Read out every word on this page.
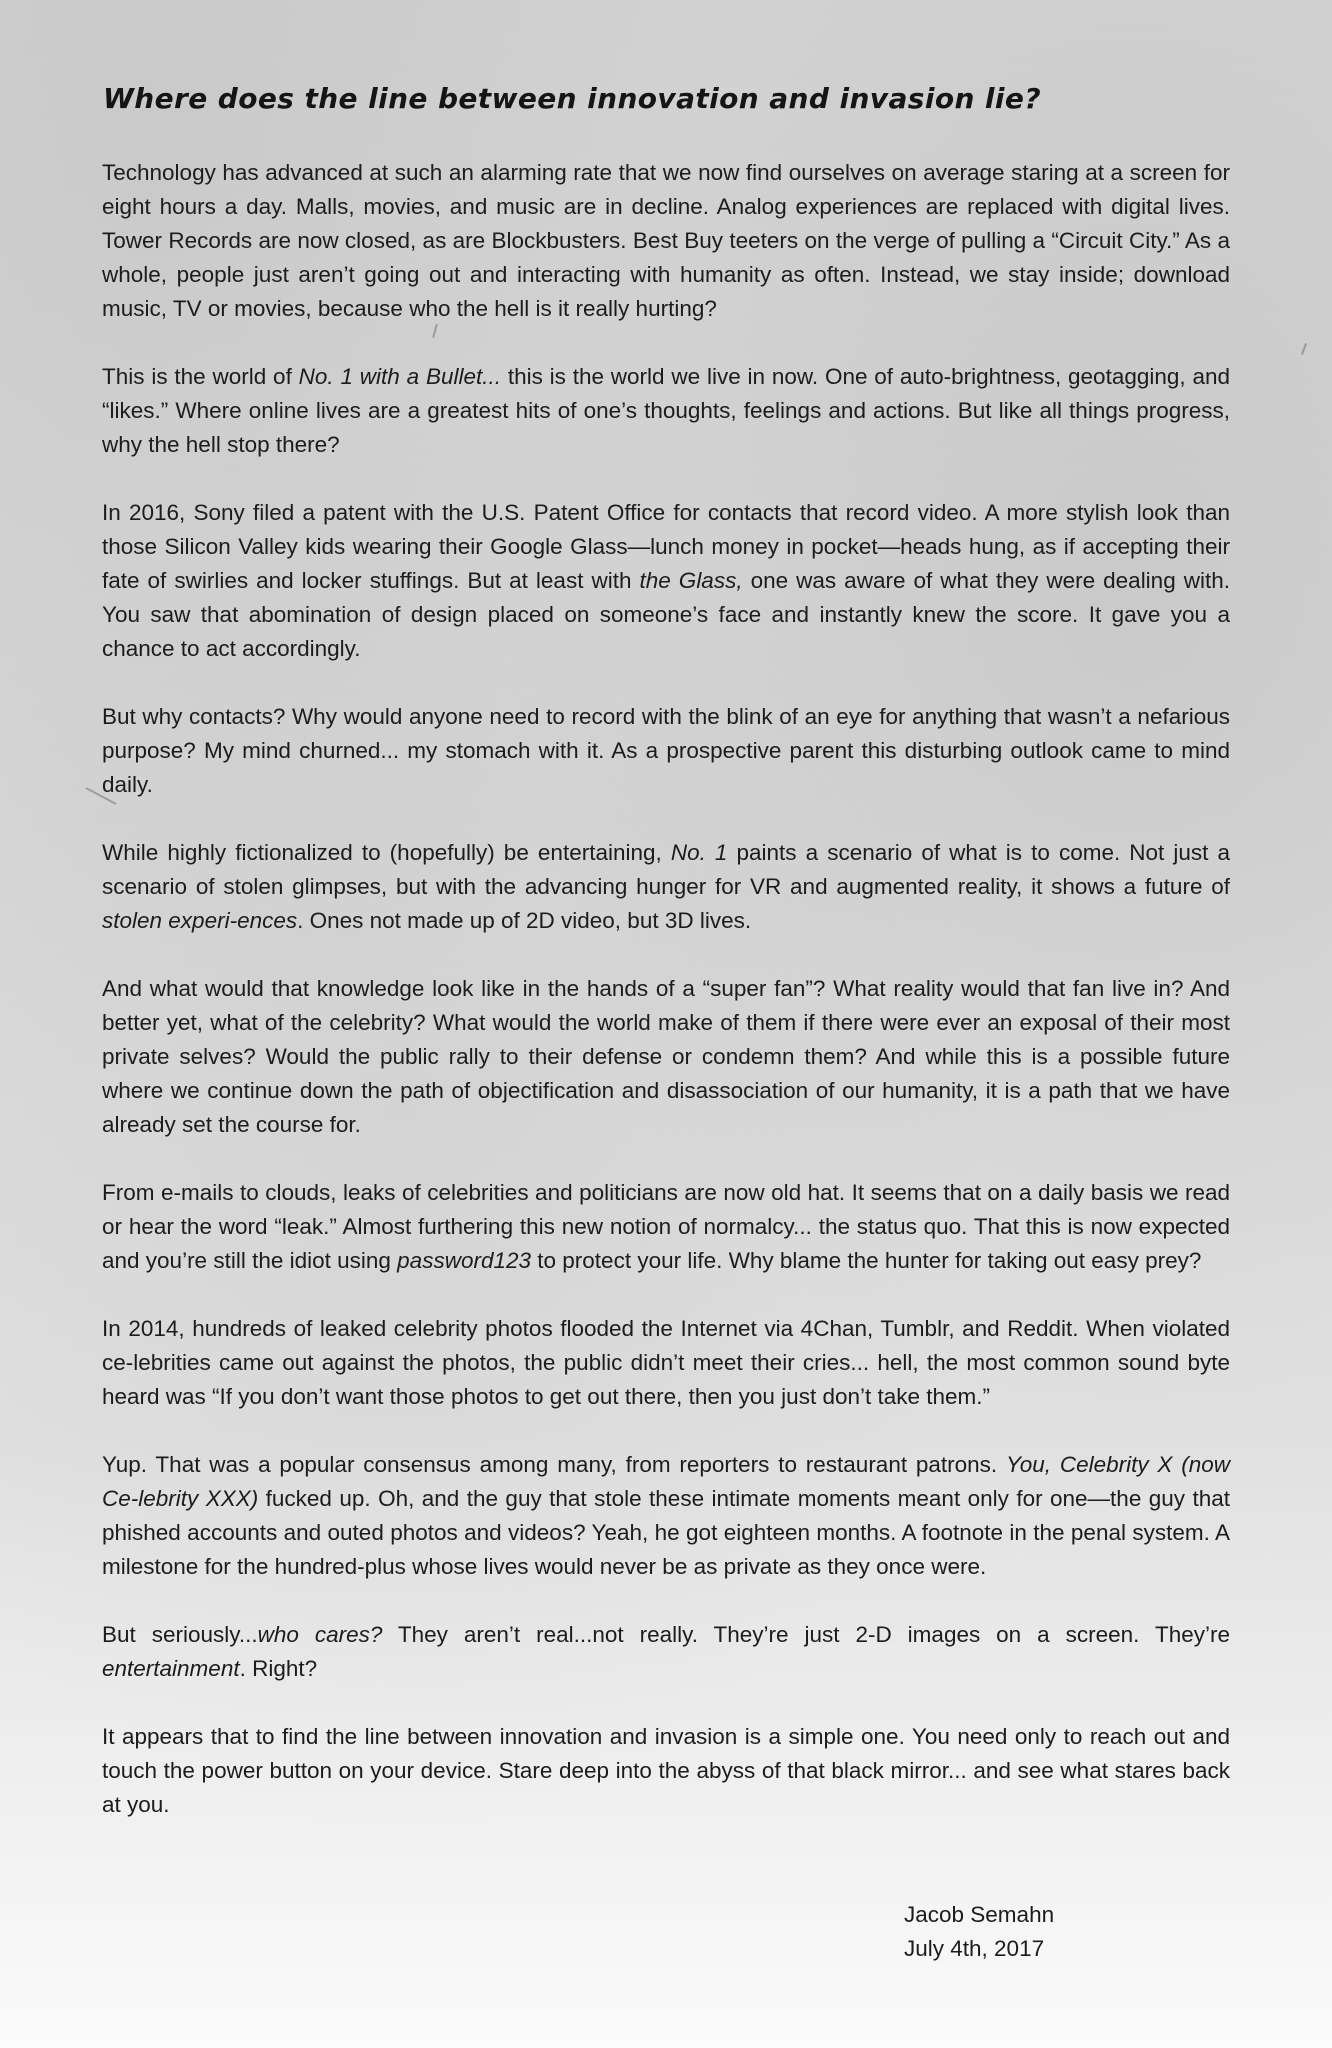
Where does the line between innovation and invasion lie?

Technology has advanced at such an alarming rate that we now find ourselves on average staring at a screen for eight hours a day. Malls, movies, and music are in decline. Analog experiences are replaced with digital lives. Tower Records are now closed, as are Blockbusters. Best Buy teeters on the verge of pulling a “Circuit City.” As a whole, people just aren’t going out and interacting with humanity as often. Instead, we stay inside; download music, TV or movies, because who the hell is it really hurting?

This is the world of No. 1 with a Bullet... this is the world we live in now. One of auto-brightness, geotagging, and “likes.” Where online lives are a greatest hits of one’s thoughts, feelings and actions. But like all things progress, why the hell stop there?

In 2016, Sony filed a patent with the U.S. Patent Office for contacts that record video. A more stylish look than those Silicon Valley kids wearing their Google Glass—lunch money in pocket—heads hung, as if accepting their fate of swirlies and locker stuffings. But at least with the Glass, one was aware of what they were dealing with. You saw that abomination of design placed on someone’s face and instantly knew the score. It gave you a chance to act accordingly.

But why contacts? Why would anyone need to record with the blink of an eye for anything that wasn’t a nefarious purpose? My mind churned... my stomach with it. As a prospective parent this disturbing outlook came to mind daily.

While highly fictionalized to (hopefully) be entertaining, No. 1 paints a scenario of what is to come. Not just a scenario of stolen glimpses, but with the advancing hunger for VR and augmented reality, it shows a future of stolen experi-ences. Ones not made up of 2D video, but 3D lives.

And what would that knowledge look like in the hands of a “super fan”? What reality would that fan live in? And better yet, what of the celebrity? What would the world make of them if there were ever an exposal of their most private selves? Would the public rally to their defense or condemn them? And while this is a possible future where we continue down the path of objectification and disassociation of our humanity, it is a path that we have already set the course for.

From e-mails to clouds, leaks of celebrities and politicians are now old hat. It seems that on a daily basis we read or hear the word “leak.” Almost furthering this new notion of normalcy... the status quo. That this is now expected and you’re still the idiot using password123 to protect your life. Why blame the hunter for taking out easy prey?

In 2014, hundreds of leaked celebrity photos flooded the Internet via 4Chan, Tumblr, and Reddit. When violated ce-lebrities came out against the photos, the public didn’t meet their cries... hell, the most common sound byte heard was “If you don’t want those photos to get out there, then you just don’t take them.”

Yup. That was a popular consensus among many, from reporters to restaurant patrons. You, Celebrity X (now Ce-lebrity XXX) fucked up. Oh, and the guy that stole these intimate moments meant only for one—the guy that phished accounts and outed photos and videos? Yeah, he got eighteen months. A footnote in the penal system. A milestone for the hundred-plus whose lives would never be as private as they once were.

But seriously...who cares? They aren’t real...not really. They’re just 2-D images on a screen. They’re entertainment. Right?

It appears that to find the line between innovation and invasion is a simple one. You need only to reach out and touch the power button on your device. Stare deep into the abyss of that black mirror... and see what stares back at you.

Jacob Semahn
July 4th, 2017
